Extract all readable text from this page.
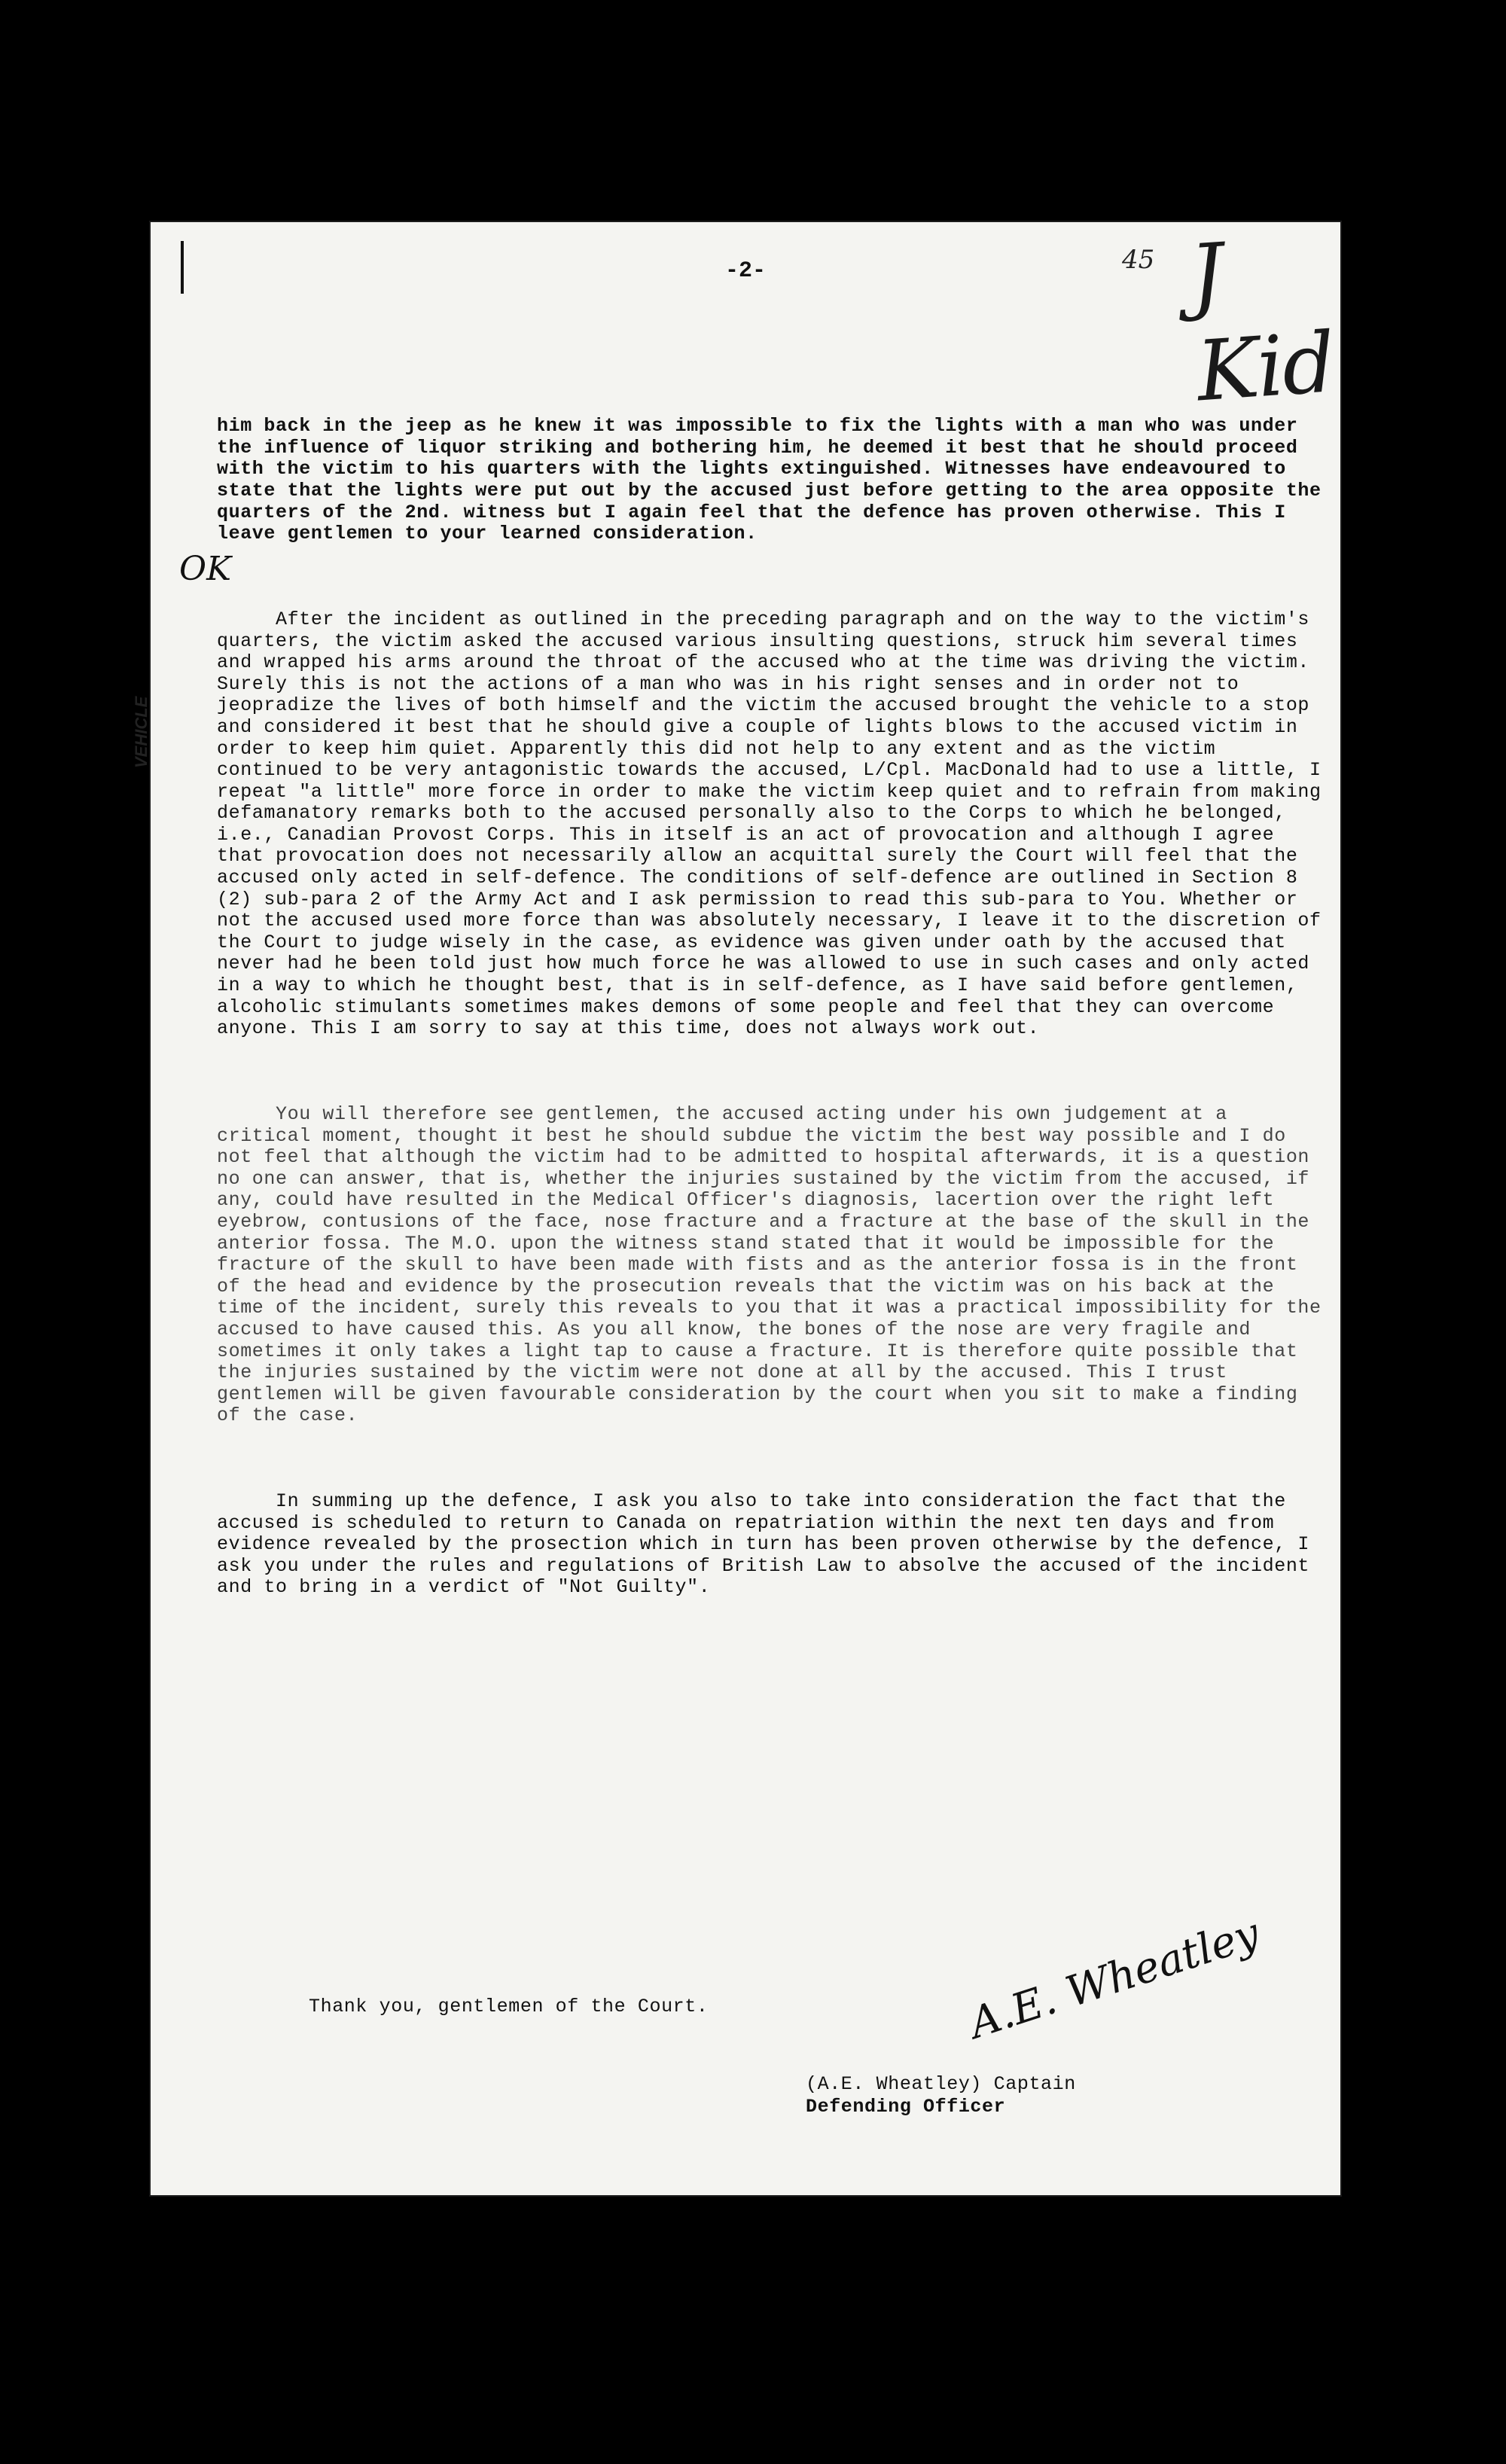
-2-	45 J Kid
OK
VEHICLE

him back in the jeep as he knew it was impossible to fix the lights with a man who was under the influence of liquor striking and bothering him, he deemed it best that he should proceed with the victim to his quarters with the lights extinguished. Witnesses have endeavoured to state that the lights were put out by the accused just before getting to the area opposite the quarters of the 2nd. witness but I again feel that the defence has proven otherwise. This I leave gentlemen to your learned consideration.

After the incident as outlined in the preceding paragraph and on the way to the victim's quarters, the victim asked the accused various insulting questions, struck him several times and wrapped his arms around the throat of the accused who at the time was driving the victim. Surely this is not the actions of a man who was in his right senses and in order not to jeopradize the lives of both himself and the victim the accused brought the vehicle to a stop and considered it best that he should give a couple of lights blows to the accused victim in order to keep him quiet. Apparently this did not help to any extent and as the victim continued to be very antagonistic towards the accused, L/Cpl. MacDonald had to use a little, I repeat "a little" more force in order to make the victim keep quiet and to refrain from making defamanatory remarks both to the accused personally also to the Corps to which he belonged, i.e., Canadian Provost Corps. This in itself is an act of provocation and although I agree that provocation does not necessarily allow an acquittal surely the Court will feel that the accused only acted in self-defence. The conditions of self-defence are outlined in Section 8 (2) sub-para 2 of the Army Act and I ask permission to read this sub-para to You. Whether or not the accused used more force than was absolutely necessary, I leave it to the discretion of the Court to judge wisely in the case, as evidence was given under oath by the accused that never had he been told just how much force he was allowed to use in such cases and only acted in a way to which he thought best, that is in self-defence, as I have said before gentlemen, alcoholic stimulants sometimes makes demons of some people and feel that they can overcome anyone. This I am sorry to say at this time, does not always work out.

You will therefore see gentlemen, the accused acting under his own judgement at a critical moment, thought it best he should subdue the victim the best way possible and I do not feel that although the victim had to be admitted to hospital afterwards, it is a question no one can answer, that is, whether the injuries sustained by the victim from the accused, if any, could have resulted in the Medical Officer's diagnosis, lacertion over the right left eyebrow, contusions of the face, nose fracture and a fracture at the base of the skull in the anterior fossa. The M.O. upon the witness stand stated that it would be impossible for the fracture of the skull to have been made with fists and as the anterior fossa is in the front of the head and evidence by the prosecution reveals that the victim was on his back at the time of the incident, surely this reveals to you that it was a practical impossibility for the accused to have caused this. As you all know, the bones of the nose are very fragile and sometimes it only takes a light tap to cause a fracture. It is therefore quite possible that the injuries sustained by the victim were not done at all by the accused. This I trust gentlemen will be given favourable consideration by the court when you sit to make a finding of the case.

In summing up the defence, I ask you also to take into consideration the fact that the accused is scheduled to return to Canada on repatriation within the next ten days and from evidence revealed by the prosection which in turn has been proven otherwise by the defence, I ask you under the rules and regulations of British Law to absolve the accused of the incident and to bring in a verdict of "Not Guilty".

Thank you, gentlemen of the Court.	A.E. Wheatley
(A.E. Wheatley) Captain
Defending Officer
